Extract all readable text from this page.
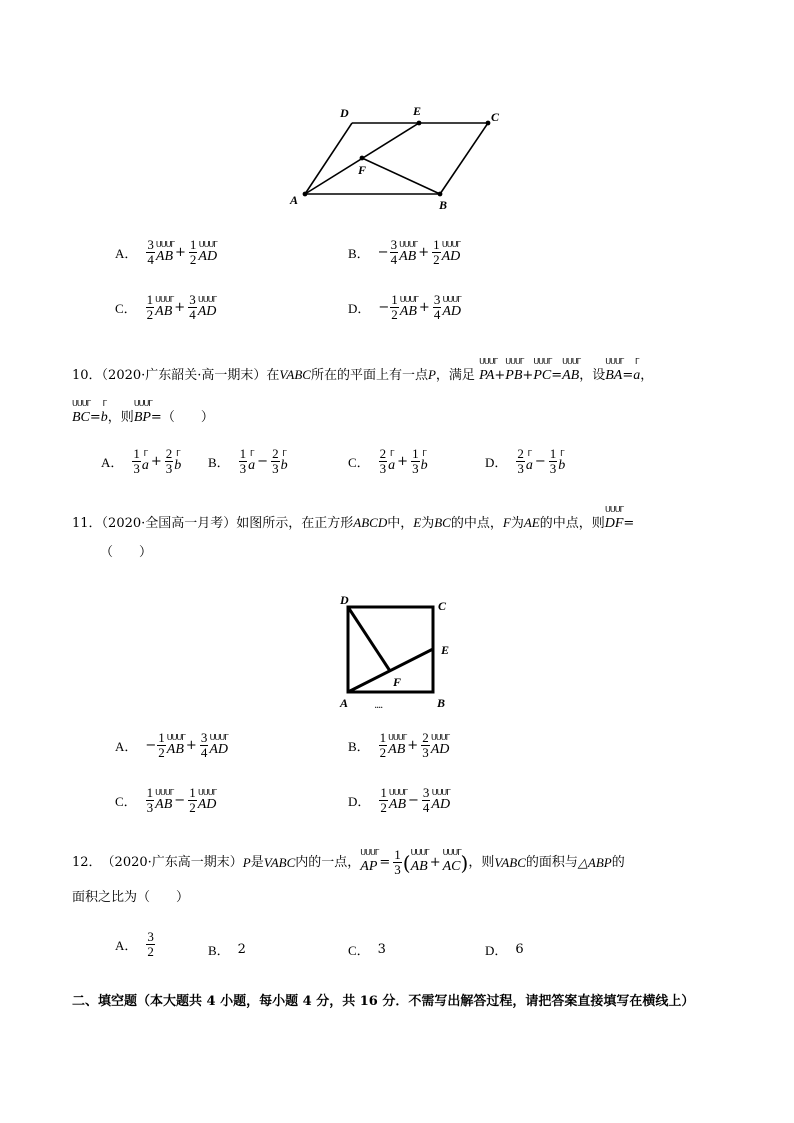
D	E	C
A	B
F
A． $\frac{3}{4}$ ᑌᑌᑌᒥ
AB + $\frac{1}{2}$ ᑌᑌᑌᒥ
AD	B． − $\frac{3}{4}$ ᑌᑌᑌᒥ
AB + $\frac{1}{2}$ ᑌᑌᑌᒥ
AD
C． $\frac{1}{2}$ ᑌᑌᑌᒥ
AB + $\frac{3}{4}$ ᑌᑌᑌᒥ
AD	D． − $\frac{1}{2}$ ᑌᑌᑌᒥ
AB + $\frac{3}{4}$ ᑌᑌᑌᒥ
AD
10．（2020·广东韶关·高一期末）在VABC所在的平面上有一点P，满足
ᑌᑌᑌᒥ
PA+
ᑌᑌᑌᒥ
PB+
ᑌᑌᑌᒥ
PC=
ᑌᑌᑌᒥ
AB，设
ᑌᑌᑌᒥ
BA=
ᒥ
a，
ᑌᑌᑌᒥ
BC=
ᒥ
b，则
ᑌᑌᑌᒥ
BP=（　　）
A． $\frac{1}{3}$ ᒥ
$a + \frac{2}{3}$ ᒥ
b B． $\frac{1}{3}$ ᒥ
$a - \frac{2}{3}$ ᒥ
b	C． $\frac{2}{3}$ ᒥ
$a + \frac{1}{3}$ ᒥ
b	D． $\frac{2}{3}$ ᒥ
$a - \frac{1}{3}$ ᒥ
b
11．（2020·全国高一月考）如图所示，在正方形ABCD中，E为BC的中点，F为AE的中点，则
ᑌᑌᑌᒥ
DF=
（　　）
D	C
E
F
A	B
....
A． − $\frac{1}{2}$ ᑌᑌᑌᒥ
AB + $\frac{3}{4}$ ᑌᑌᑌᒥ
AD	B． $\frac{1}{2}$ ᑌᑌᑌᒥ
AB + $\frac{2}{3}$ ᑌᑌᑌᒥ
AD
C． $\frac{1}{3}$ ᑌᑌᑌᒥ
AB − $\frac{1}{2}$ ᑌᑌᑌᒥ
AD	D． $\frac{1}{2}$ ᑌᑌᑌᒥ
AB − $\frac{3}{4}$ ᑌᑌᑌᒥ
AD
12． （2020·广东高一期末） P 是 VABC 内的一点，
ᑌᑌᑌᒥ
AP = $\frac{1}{3}$ ( ᑌᑌᑌᒥ
AB +
ᑌᑌᑌᒥ
AC ) ，则 VABC 的面积与 △ABP 的
面积之比为（　　）
A． $\frac{3}{2}$	B． 2	C． 3	D． 6
二、填空题（本大题共 4 小题，每小题 4 分，共 16 分．不需写出解答过程，请把答案直接填写在横线上）
